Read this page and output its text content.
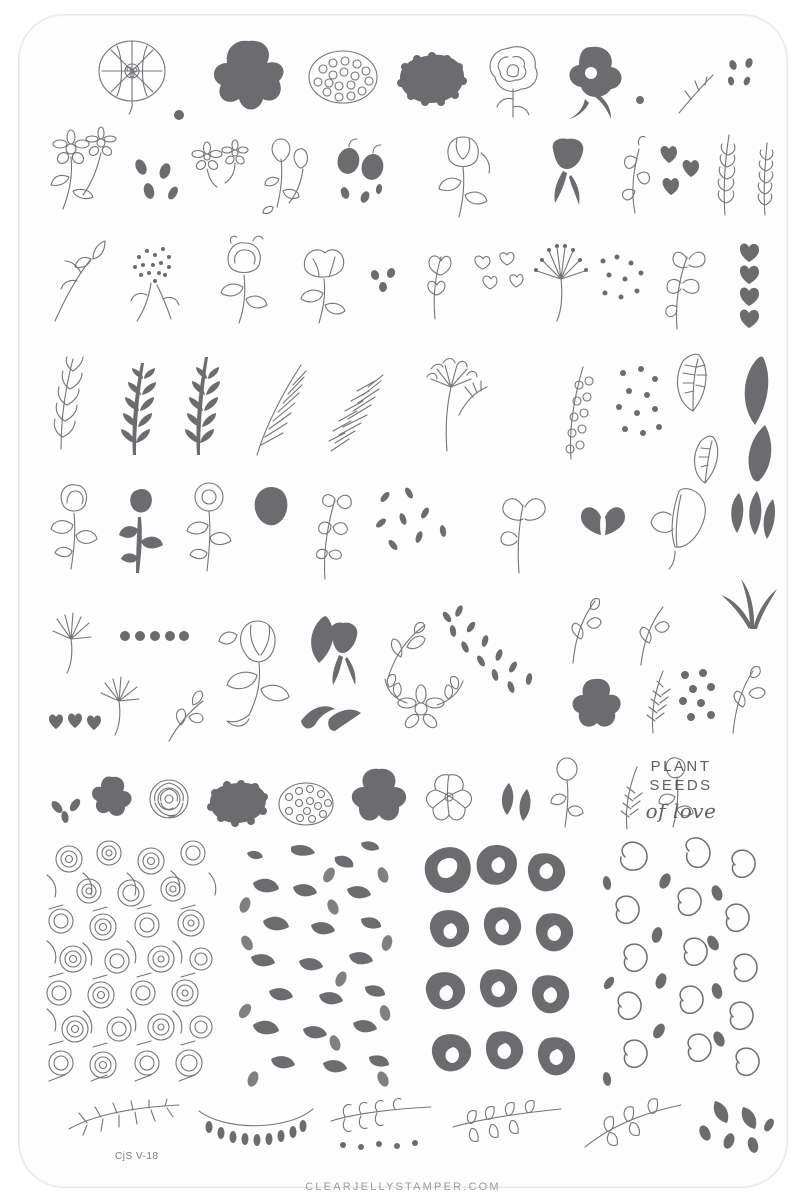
PLANT
SEEDS
of love
CjS V-18
CLEARJELLYSTAMPER.COM
